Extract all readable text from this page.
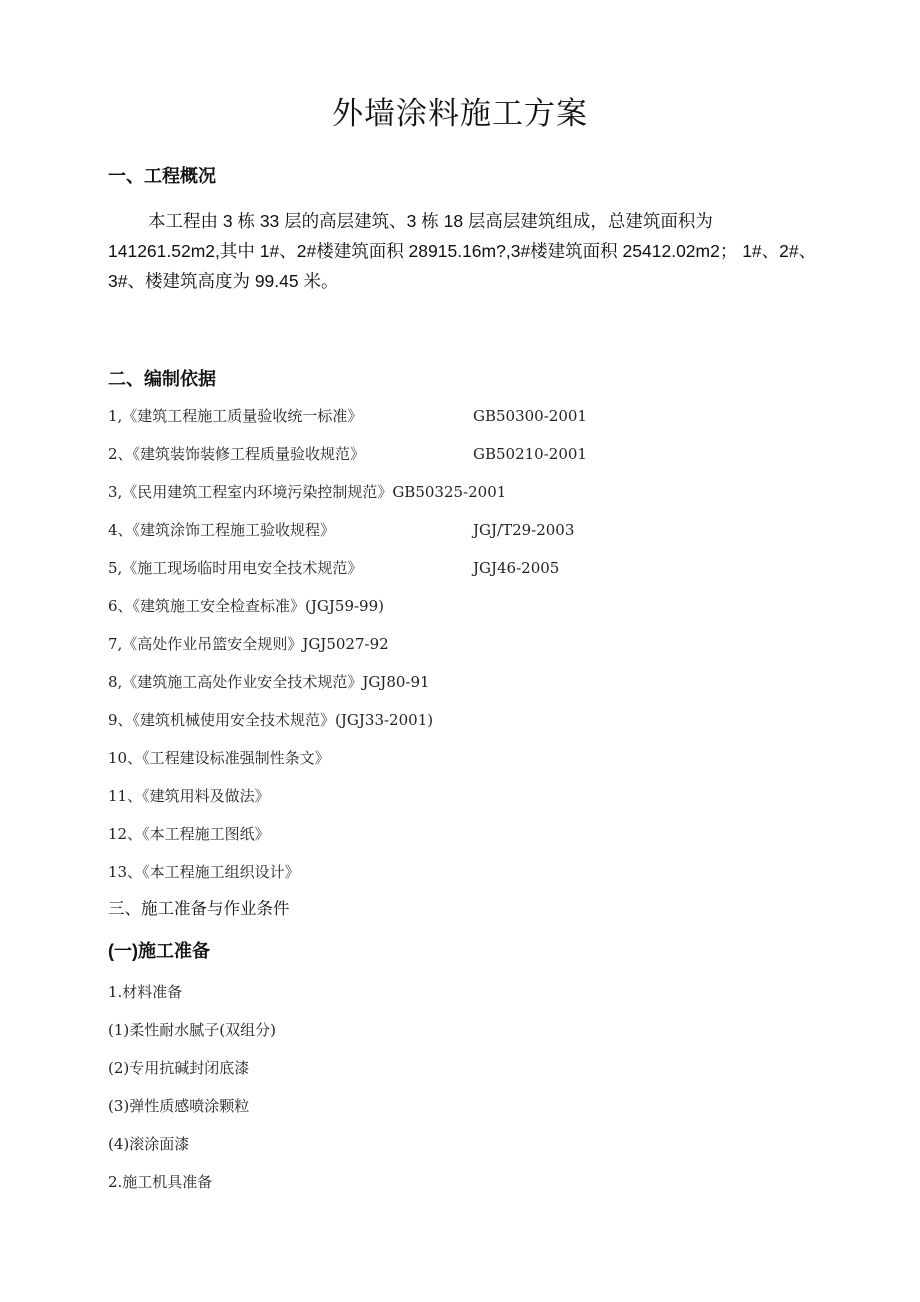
外墙涂料施工方案
一、工程概况
本工程由 3 栋 33 层的高层建筑、3 栋 18 层高层建筑组成，总建筑面积为
141261.52m2,其中 1#、2#楼建筑面积 28915.16m?,3#楼建筑面积 25412.02m2； 1#、2#、
3#、楼建筑高度为 99.45 米。
二、编制依据
1,《建筑工程施工质量验收统一标准》	GB50300-2001
2、《建筑装饰装修工程质量验收规范》	GB50210-2001
3,《民用建筑工程室内环境污染控制规范》GB50325-2001
4、《建筑涂饰工程施工验收规程》	JGJ/T29-2003
5,《施工现场临时用电安全技术规范》	JGJ46-2005
6、《建筑施工安全检查标准》(JGJ59-99)
7,《高处作业吊篮安全规则》JGJ5027-92
8,《建筑施工高处作业安全技术规范》JGJ80-91
9、《建筑机械使用安全技术规范》(JGJ33-2001)
10、《工程建设标准强制性条文》
11、《建筑用料及做法》
12、《本工程施工图纸》
13、《本工程施工组织设计》
三、施工准备与作业条件
(一)施工准备
1.材料准备
(1)柔性耐水腻子(双组分)
(2)专用抗碱封闭底漆
(3)弹性质感喷涂颗粒
(4)滚涂面漆
2.施工机具准备
